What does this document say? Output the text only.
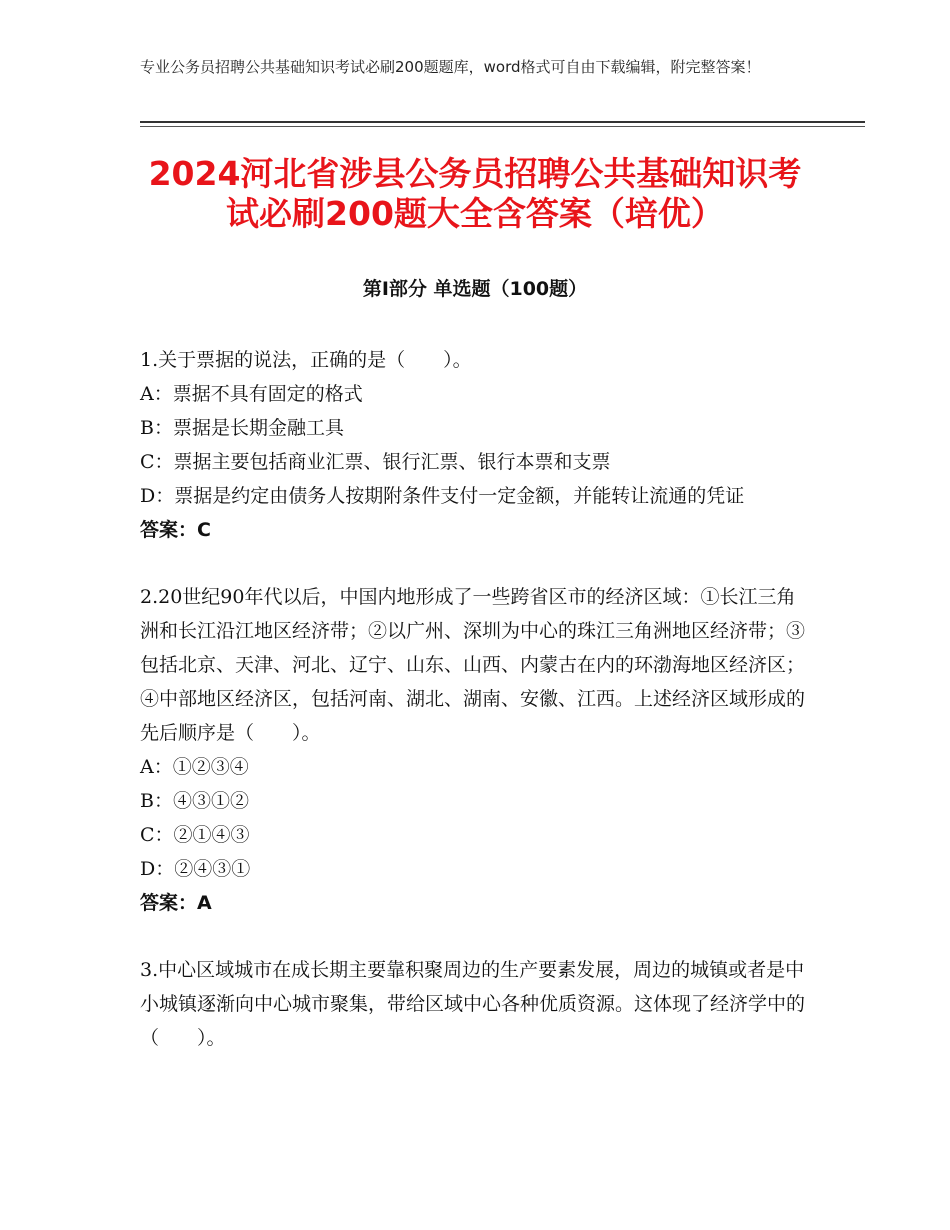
专业公务员招聘公共基础知识考试必刷200题题库，word格式可自由下载编辑，附完整答案！
2024河北省涉县公务员招聘公共基础知识考试必刷200题大全含答案（培优）
第Ⅰ部分 单选题（100题）

1.关于票据的说法，正确的是（　　）。

A：票据不具有固定的格式

B：票据是长期金融工具

C：票据主要包括商业汇票、银行汇票、银行本票和支票

D：票据是约定由债务人按期附条件支付一定金额，并能转让流通的凭证

答案：C

2.20世纪90年代以后，中国内地形成了一些跨省区市的经济区域：①长江三角洲和长江沿江地区经济带；②以广州、深圳为中心的珠江三角洲地区经济带；③包括北京、天津、河北、辽宁、山东、山西、内蒙古在内的环渤海地区经济区；④中部地区经济区，包括河南、湖北、湖南、安徽、江西。上述经济区域形成的先后顺序是（　　）。

A：①②③④

B：④③①②

C：②①④③

D：②④③①

答案：A

3.中心区域城市在成长期主要靠积聚周边的生产要素发展，周边的城镇或者是中小城镇逐渐向中心城市聚集，带给区域中心各种优质资源。这体现了经济学中的（　　）。
